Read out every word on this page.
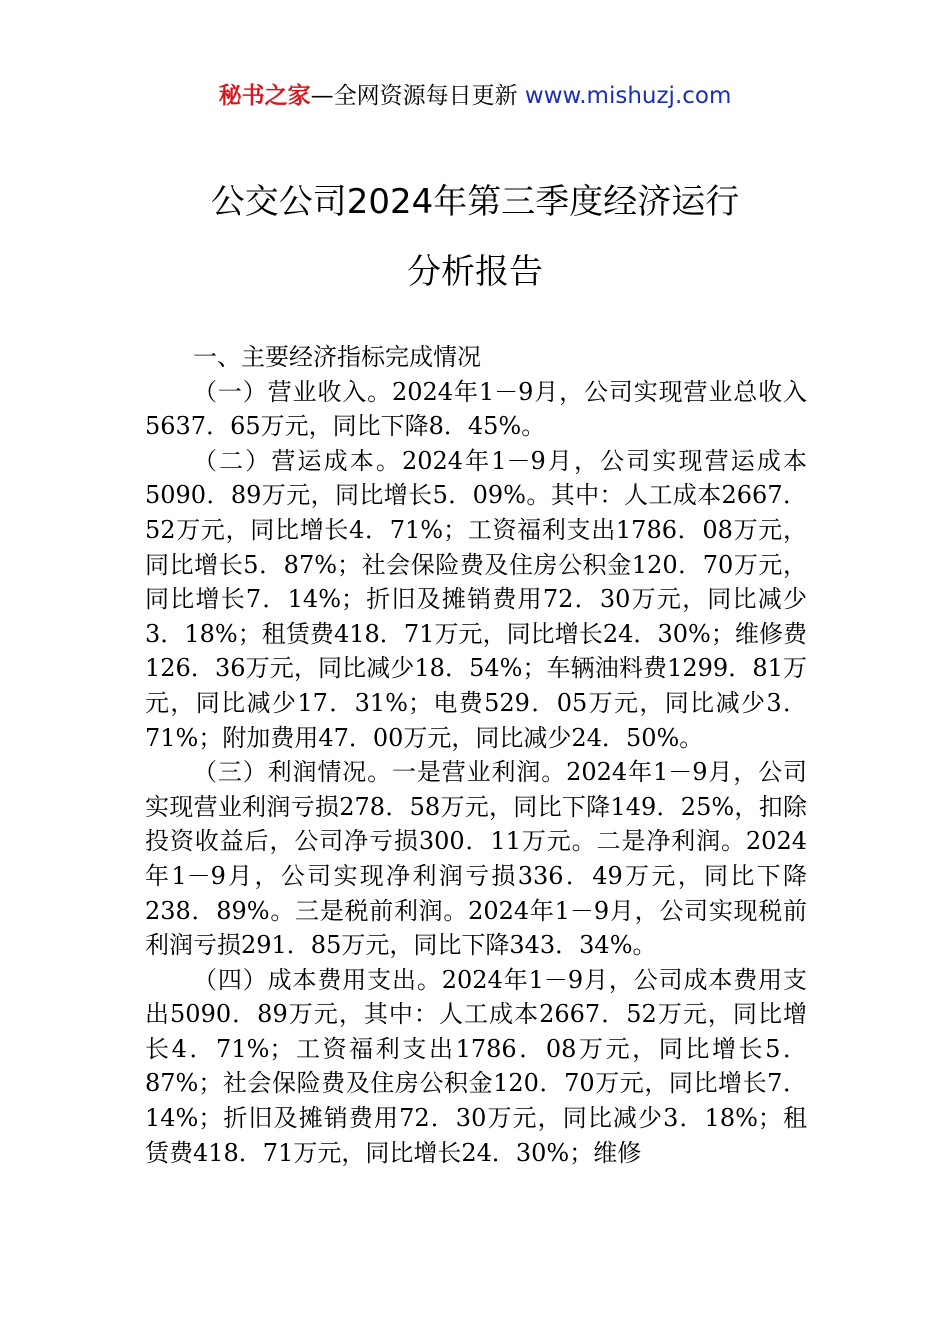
秘书之家—全网资源每日更新 www.mishuzj.com
公交公司2024年第三季度经济运行
分析报告

一、主要经济指标完成情况

（一）营业收入。2024年1－9月，公司实现营业总收入5637．65万元，同比下降8．45%。

（二）营运成本。2024年1－9月，公司实现营运成本5090．89万元，同比增长5．09%。其中：人工成本2667．52万元，同比增长4．71%；工资福利支出1786．08万元，同比增长5．87%；社会保险费及住房公积金120．70万元，同比增长7．14%；折旧及摊销费用72．30万元，同比减少3．18%；租赁费418．71万元，同比增长24．30%；维修费126．36万元，同比减少18．54%；车辆油料费1299．81万元，同比减少17．31%；电费529．05万元，同比减少3．71%；附加费用47．00万元，同比减少24．50%。

（三）利润情况。一是营业利润。2024年1－9月，公司实现营业利润亏损278．58万元，同比下降149．25%，扣除投资收益后，公司净亏损300．11万元。二是净利润。2024年1－9月，公司实现净利润亏损336．49万元，同比下降238．89%。三是税前利润。2024年1－9月，公司实现税前利润亏损291．85万元，同比下降343．34%。

（四）成本费用支出。2024年1－9月，公司成本费用支出5090．89万元，其中：人工成本2667．52万元，同比增长4．71%；工资福利支出1786．08万元，同比增长5．87%；社会保险费及住房公积金120．70万元，同比增长7．14%；折旧及摊销费用72．30万元，同比减少3．18%；租赁费418．71万元，同比增长24．30%；维修
